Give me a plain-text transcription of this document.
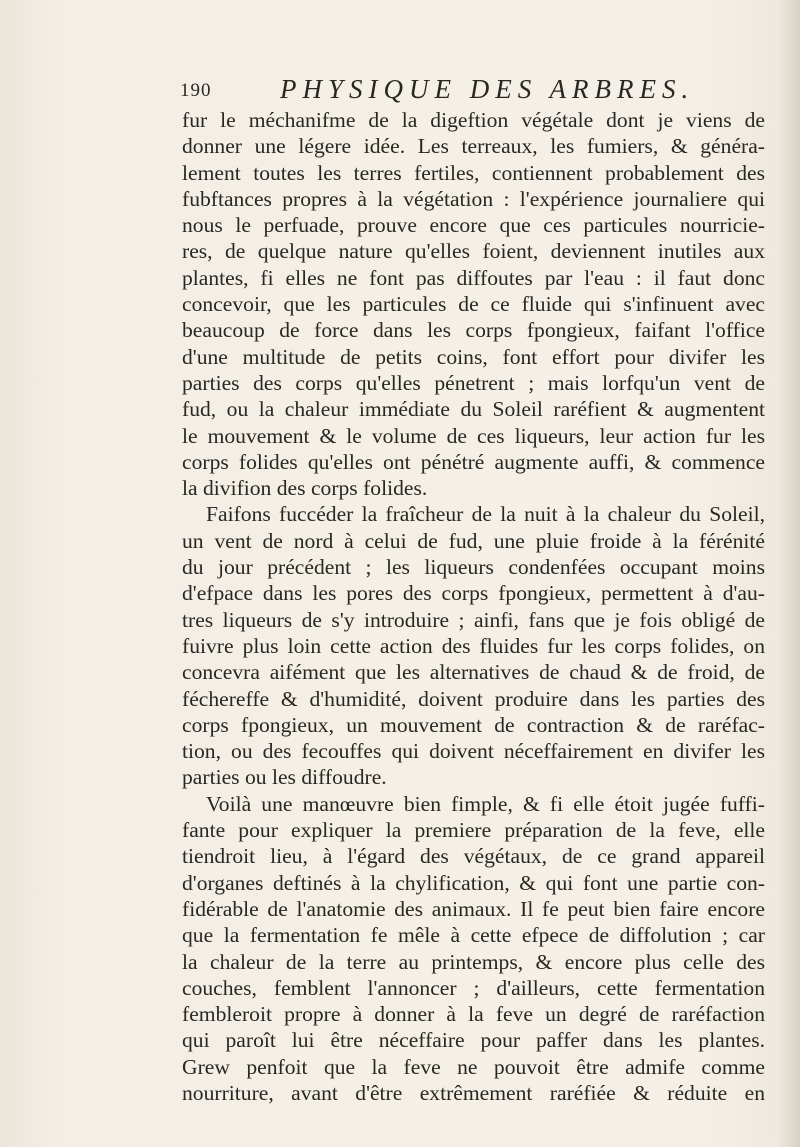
190	PHYSIQUE DES ARBRES.
fur le méchanifme de la digeftion végétale dont je viens de
donner une légere idée. Les terreaux, les fumiers, & généra-
lement toutes les terres fertiles, contiennent probablement des
fubftances propres à la végétation : l'expérience journaliere qui
nous le perfuade, prouve encore que ces particules nourricie-
res, de quelque nature qu'elles foient, deviennent inutiles aux
plantes, fi elles ne font pas diffoutes par l'eau : il faut donc
concevoir, que les particules de ce fluide qui s'infinuent avec
beaucoup de force dans les corps fpongieux, faifant l'office
d'une multitude de petits coins, font effort pour divifer les
parties des corps qu'elles pénetrent ; mais lorfqu'un vent de
fud, ou la chaleur immédiate du Soleil raréfient & augmentent
le mouvement & le volume de ces liqueurs, leur action fur les
corps folides qu'elles ont pénétré augmente auffi, & commence
la divifion des corps folides.
Faifons fuccéder la fraîcheur de la nuit à la chaleur du Soleil,
un vent de nord à celui de fud, une pluie froide à la férénité
du jour précédent ; les liqueurs condenfées occupant moins
d'efpace dans les pores des corps fpongieux, permettent à d'au-
tres liqueurs de s'y introduire ; ainfi, fans que je fois obligé de
fuivre plus loin cette action des fluides fur les corps folides, on
concevra aifément que les alternatives de chaud & de froid, de
féchereffe & d'humidité, doivent produire dans les parties des
corps fpongieux, un mouvement de contraction & de raréfac-
tion, ou des fecouffes qui doivent néceffairement en divifer les
parties ou les diffoudre.
Voilà une manœuvre bien fimple, & fi elle étoit jugée fuffi-
fante pour expliquer la premiere préparation de la feve, elle
tiendroit lieu, à l'égard des végétaux, de ce grand appareil
d'organes deftinés à la chylification, & qui font une partie con-
fidérable de l'anatomie des animaux. Il fe peut bien faire encore
que la fermentation fe mêle à cette efpece de diffolution ; car
la chaleur de la terre au printemps, & encore plus celle des
couches, femblent l'annoncer ; d'ailleurs, cette fermentation
fembleroit propre à donner à la feve un degré de raréfaction
qui paroît lui être néceffaire pour paffer dans les plantes.
Grew penfoit que la feve ne pouvoit être admife comme
nourriture, avant d'être extrêmement raréfiée & réduite en
